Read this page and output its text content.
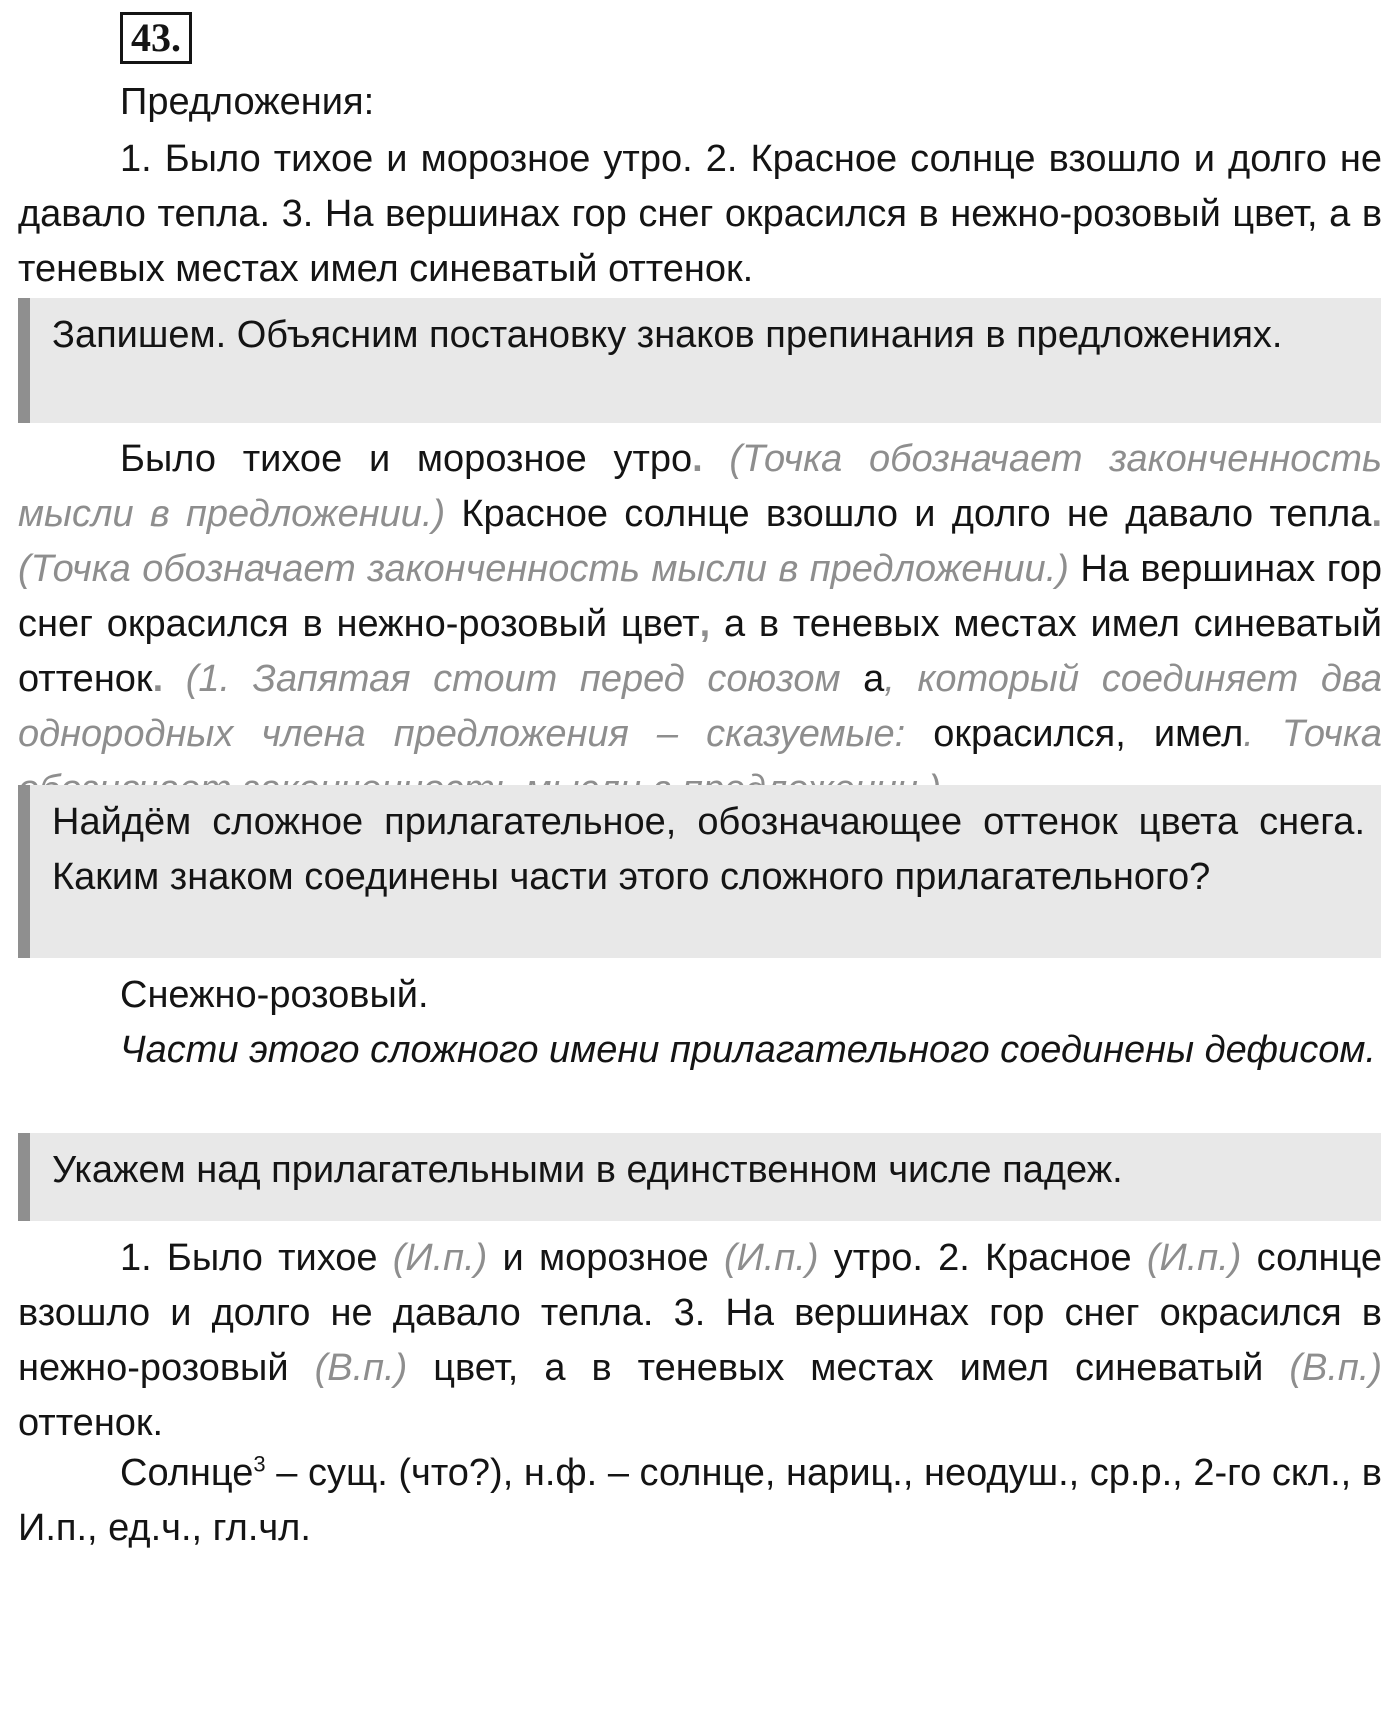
43.

Предложения:

1. Было тихое и морозное утро. 2. Красное солнце взошло и долго не давало тепла. 3. На вершинах гор снег окрасился в нежно-розовый цвет, а в теневых местах имел синеватый оттенок.

Запишем. Объясним постановку знаков препинания в предложениях.

Было тихое и морозное утро. (Точка обозначает законченность мысли в предложении.) Красное солнце взошло и долго не давало тепла. (Точка обозначает законченность мысли в предложении.) На вершинах гор снег окрасился в нежно-розовый цвет, а в теневых местах имел синеватый оттенок. (1. Запятая стоит перед союзом а, который соединяет два однородных члена предложения – сказуемые: окрасился, имел. Точка

Найдём сложное прилагательное, обозначающее оттенок цвета снега. Каким знаком соединены части этого сложного прилагательного?

Снежно-розовый.

Части этого сложного имени прилагательного соединены дефисом.

Укажем над прилагательными в единственном числе падеж.

1. Было тихое (И.п.) и морозное (И.п.) утро. 2. Красное (И.п.) солнце взошло и долго не давало тепла. 3. На вершинах гор снег окрасился в нежно-розовый (В.п.) цвет, а в теневых местах имел синеватый (В.п.) оттенок.

Солнце$^3$ – сущ. (что?), н.ф. – солнце, нариц., неодуш., ср.р., 2-го скл., в И.п., ед.ч., гл.чл.
